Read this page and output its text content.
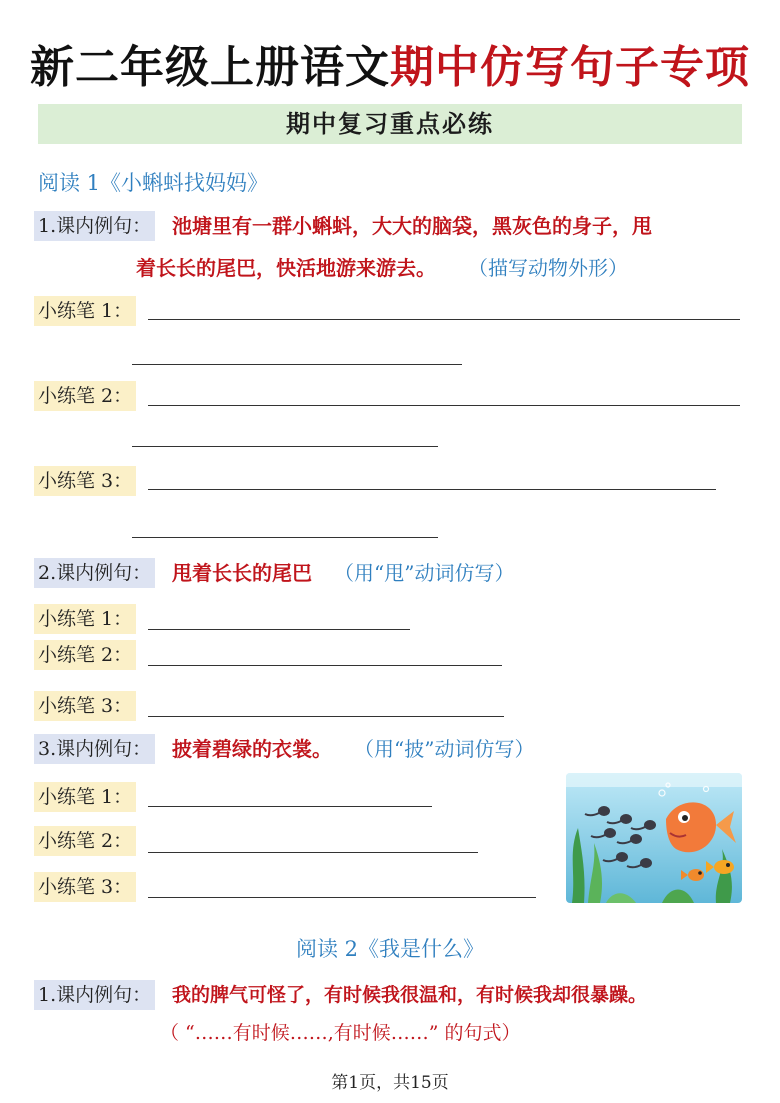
新二年级上册语文期中仿写句子专项
期中复习重点必练
阅读 1《小蝌蚪找妈妈》
1.课内例句： 池塘里有一群小蝌蚪，大大的脑袋，黑灰色的身子，甩
着长长的尾巴，快活地游来游去。 （描写动物外形）
小练笔 1：
小练笔 2：
小练笔 3：
2.课内例句： 甩着长长的尾巴 （用“甩”动词仿写）
小练笔 1：
小练笔 2：
小练笔 3：
3.课内例句： 披着碧绿的衣裳。 （用“披”动词仿写）
小练笔 1：
小练笔 2：
小练笔 3：
阅读 2《我是什么》
1.课内例句： 我的脾气可怪了，有时候我很温和，有时候我却很暴躁。
（ “……有时候……,有时候……” 的句式）
第1页，共15页
